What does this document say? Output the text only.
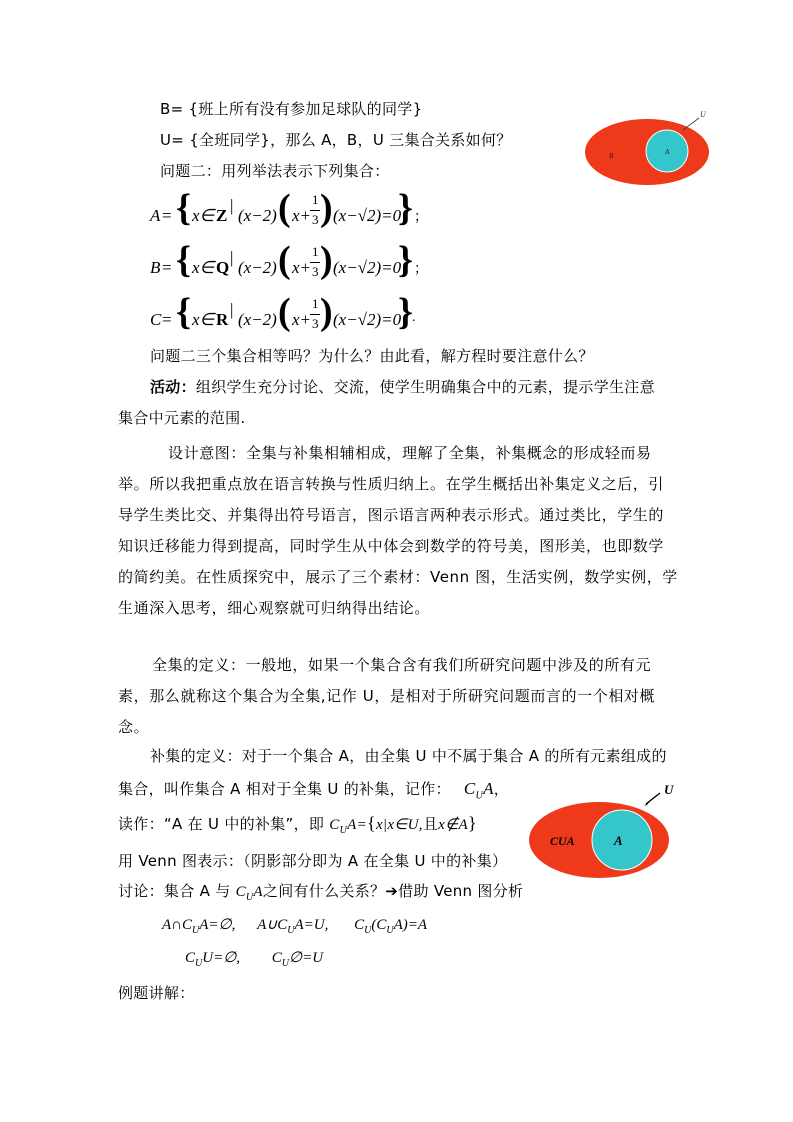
B= {班上所有没有参加足球队的同学}
U= {全班同学}，那么 A，B，U 三集合关系如何？
问题二：用列举法表示下列集合：
U
B	A
A = { x∈ Z
|
(x−2) ( x+
1
3 ) (x−√2)=0
} ；
B = { x∈ Q
|
(x−2) ( x+
1
3 ) (x−√2)=0
} ；
C = { x∈ R
|
(x−2) ( x+
1
3 ) (x−√2)=0
} .
问题二三个集合相等吗？为什么？由此看，解方程时要注意什么？
活动：组织学生充分讨论、交流，使学生明确集合中的元素，提示学生注意
集合中元素的范围.
设计意图：全集与补集相辅相成，理解了全集，补集概念的形成轻而易举。所以我把重点放在语言转换与性质归纳上。在学生概括出补集定义之后，引导学生类比交、并集得出符号语言，图示语言两种表示形式。通过类比，学生的知识迁移能力得到提高，同时学生从中体会到数学的符号美，图形美，也即数学的简约美。在性质探究中，展示了三个素材：Venn 图，生活实例，数学实例，学生通深入思考，细心观察就可归纳得出结论。
全集的定义：一般地，如果一个集合含有我们所研究问题中涉及的所有元素，那么就称这个集合为全集,记作 U，是相对于所研究问题而言的一个相对概念。
补集的定义：对于一个集合 A，由全集 U 中不属于集合 A 的所有元素组成的
集合，叫作集合 A 相对于全集 U 的补集，记作： $C_UA$，
读作：“A 在 U 中的补集”，即 $C_UA=\{x|x\in U$,且x∉A}
用 Venn 图表示：（阴影部分即为 A 在全集 U 中的补集）
讨论：集合 A 与 $C_UA$之间有什么关系？➔借助 Venn 图分析
U
CUA	A
$A\cap C_UA=\emptyset$, $A\cup C_UA=U$, $C_U(C_UA)=A$
$C_UU=\emptyset$, $C_U\emptyset=U$
例题讲解：
